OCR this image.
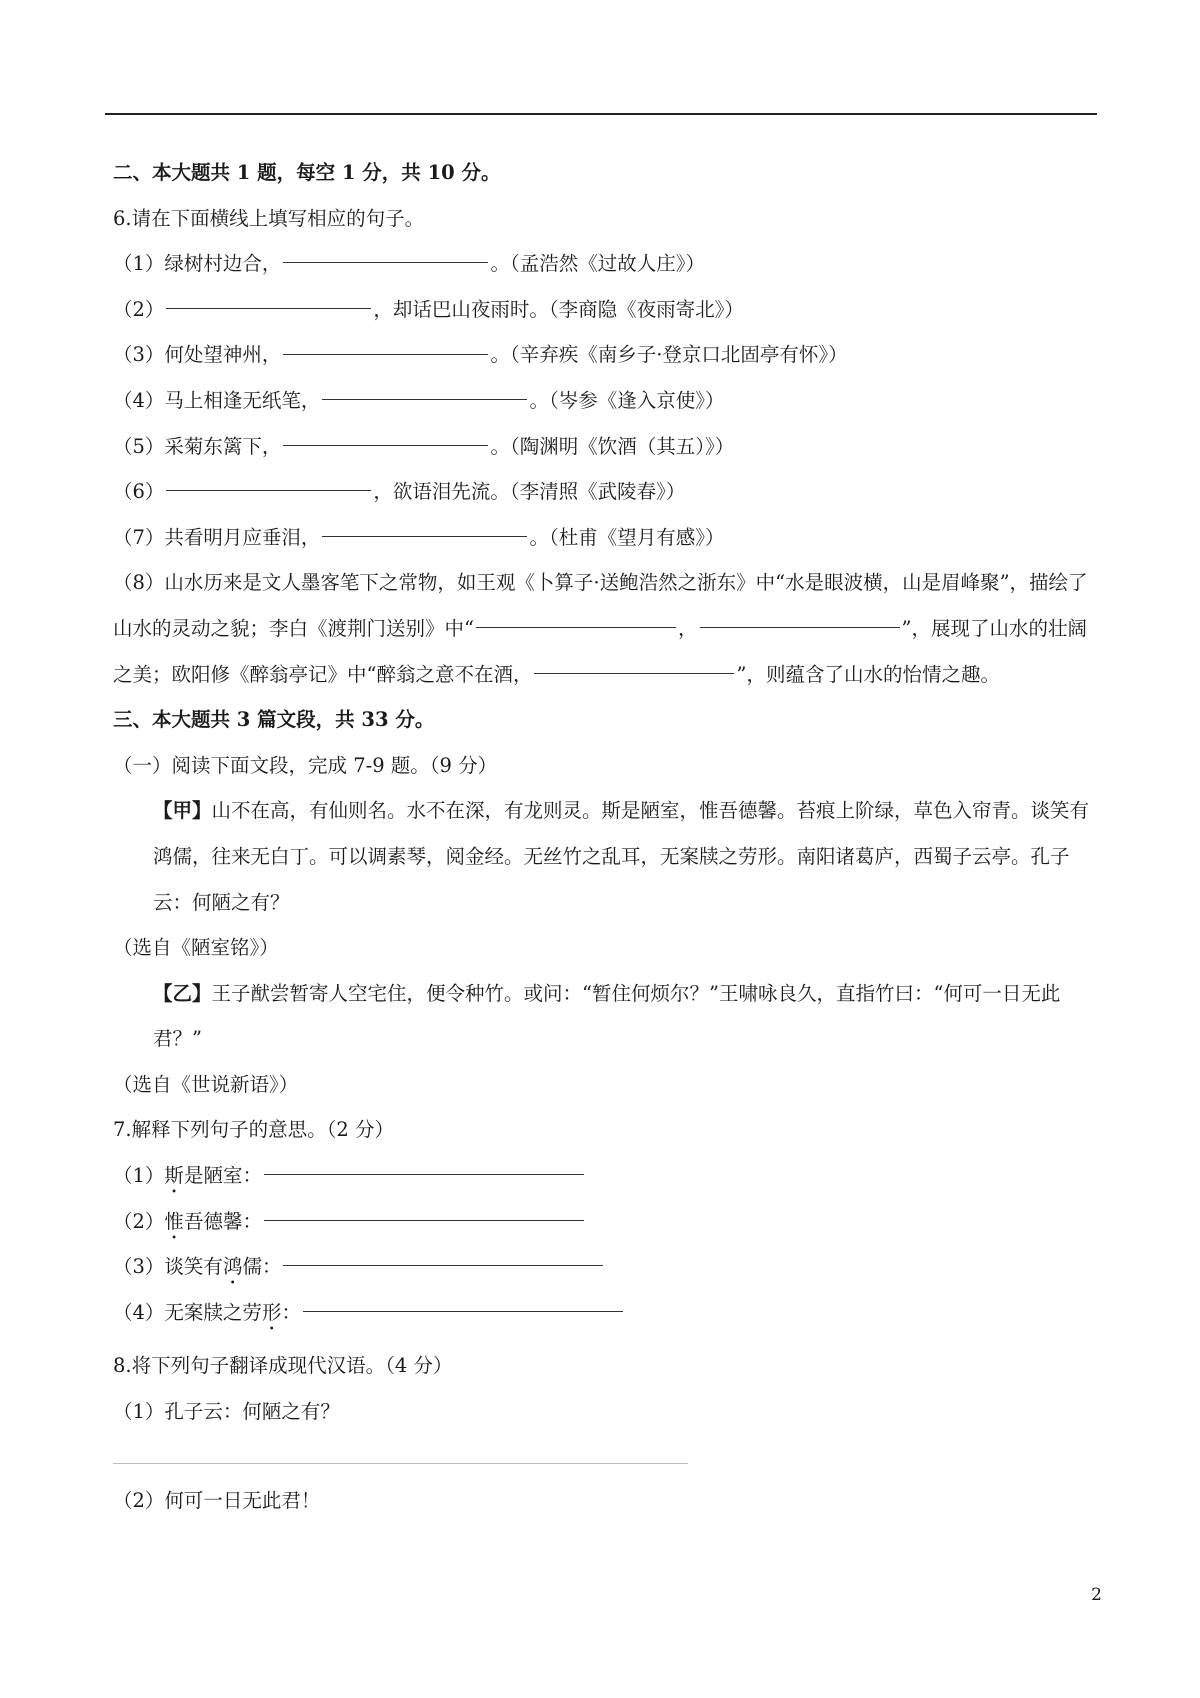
二、本大题共 1 题，每空 1 分，共 10 分。
6.请在下面横线上填写相应的句子。
（1）绿树村边合，	。（孟浩然《过故人庄》）
（2）	，却话巴山夜雨时。（李商隐《夜雨寄北》）
（3）何处望神州，	。（辛弃疾《南乡子·登京口北固亭有怀》）
（4）马上相逢无纸笔，	。（岑参《逢入京使》）
（5）采菊东篱下，	。（陶渊明《饮酒（其五）》）
（6）	，欲语泪先流。（李清照《武陵春》）
（7）共看明月应垂泪，	。（杜甫《望月有感》）
（8）山水历来是文人墨客笔下之常物，如王观《卜算子·送鲍浩然之浙东》中“水是眼波横，山是眉峰聚”，描绘了山水的灵动之貌；李白《渡荆门送别》中“	，	”，展现了山水的壮阔之美；欧阳修《醉翁亭记》中“醉翁之意不在酒，	”，则蕴含了山水的怡情之趣。
三、本大题共 3 篇文段，共 33 分。
（一）阅读下面文段，完成 7-9 题。（9 分）
【甲】山不在高，有仙则名。水不在深，有龙则灵。斯是陋室，惟吾德馨。苔痕上阶绿，草色入帘青。谈笑有鸿儒，往来无白丁。可以调素琴，阅金经。无丝竹之乱耳，无案牍之劳形。南阳诸葛庐，西蜀子云亭。孔子云：何陋之有？
（选自《陋室铭》）
【乙】王子猷尝暂寄人空宅住，便令种竹。或问：“暂住何烦尔？”王啸咏良久，直指竹曰：“何可一日无此君？”
（选自《世说新语》）
7.解释下列句子的意思。（2 分）
（1）斯是陋室：
（2）惟吾德馨：
（3）谈笑有鸿儒：
（4）无案牍之劳形：
8.将下列句子翻译成现代汉语。（4 分）
（1）孔子云：何陋之有？
（2）何可一日无此君！
2
